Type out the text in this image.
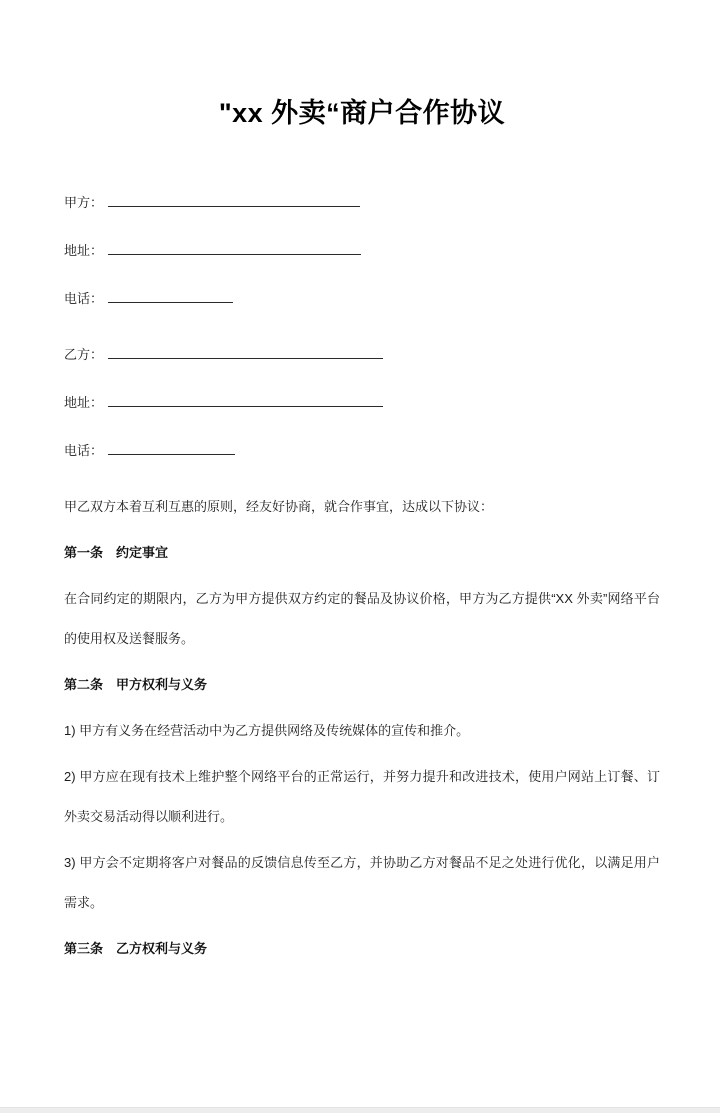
"xx 外卖“商户合作协议
甲方：
地址：
电话：
乙方：
地址：
电话：

甲乙双方本着互利互惠的原则，经友好协商，就合作事宜，达成以下协议：

第一条　约定事宜

在合同约定的期限内，乙方为甲方提供双方约定的餐品及协议价格，甲方为乙方提供“XX 外卖”网络平台的使用权及送餐服务。

第二条　甲方权利与义务

1) 甲方有义务在经营活动中为乙方提供网络及传统媒体的宣传和推介。

2) 甲方应在现有技术上维护整个网络平台的正常运行，并努力提升和改进技术，使用户网站上订餐、订外卖交易活动得以顺利进行。

3) 甲方会不定期将客户对餐品的反馈信息传至乙方，并协助乙方对餐品不足之处进行优化，以满足用户需求。

第三条　乙方权利与义务
